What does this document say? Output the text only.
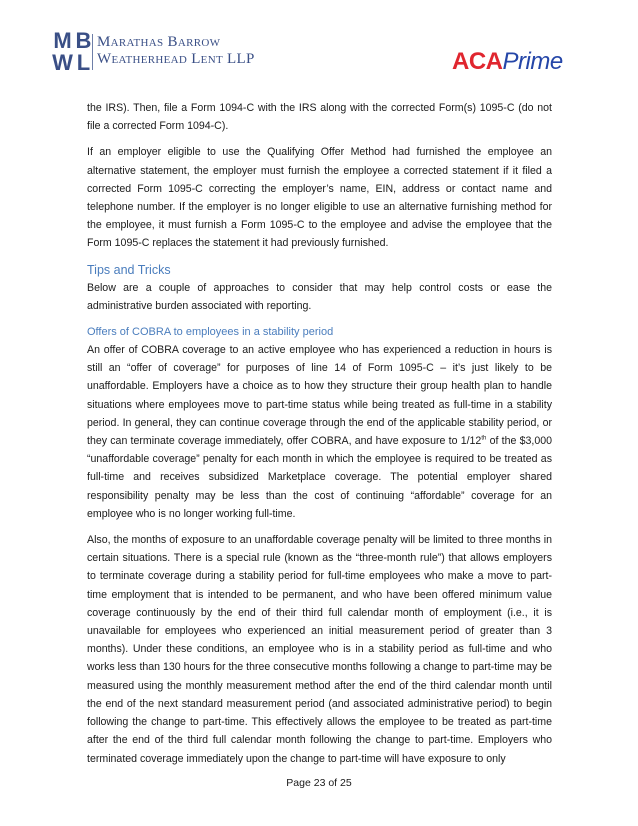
M B
W L
Marathas Barrow
Weatherhead Lent LLP	ACAPrime

the IRS). Then, file a Form 1094-C with the IRS along with the corrected Form(s) 1095-C (do not file a corrected Form 1094-C).

If an employer eligible to use the Qualifying Offer Method had furnished the employee an alternative statement, the employer must furnish the employee a corrected statement if it filed a corrected Form 1095-C correcting the employer’s name, EIN, address or contact name and telephone number. If the employer is no longer eligible to use an alternative furnishing method for the employee, it must furnish a Form 1095-C to the employee and advise the employee that the Form 1095-C replaces the statement it had previously furnished.

Tips and Tricks

Below are a couple of approaches to consider that may help control costs or ease the administrative burden associated with reporting.

Offers of COBRA to employees in a stability period

An offer of COBRA coverage to an active employee who has experienced a reduction in hours is still an “offer of coverage” for purposes of line 14 of Form 1095-C – it’s just likely to be unaffordable. Employers have a choice as to how they structure their group health plan to handle situations where employees move to part-time status while being treated as full-time in a stability period. In general, they can continue coverage through the end of the applicable stability period, or they can terminate coverage immediately, offer COBRA, and have exposure to 1/12th of the $3,000 “unaffordable coverage” penalty for each month in which the employee is required to be treated as full-time and receives subsidized Marketplace coverage. The potential employer shared responsibility penalty may be less than the cost of continuing “affordable” coverage for an employee who is no longer working full-time.

Also, the months of exposure to an unaffordable coverage penalty will be limited to three months in certain situations. There is a special rule (known as the “three-month rule”) that allows employers to terminate coverage during a stability period for full-time employees who make a move to part-time employment that is intended to be permanent, and who have been offered minimum value coverage continuously by the end of their third full calendar month of employment (i.e., it is unavailable for employees who experienced an initial measurement period of greater than 3 months). Under these conditions, an employee who is in a stability period as full-time and who works less than 130 hours for the three consecutive months following a change to part-time may be measured using the monthly measurement method after the end of the third calendar month until the end of the next standard measurement period (and associated administrative period) to begin following the change to part-time. This effectively allows the employee to be treated as part-time after the end of the third full calendar month following the change to part-time. Employers who terminated coverage immediately upon the change to part-time will have exposure to only

Page 23 of 25
